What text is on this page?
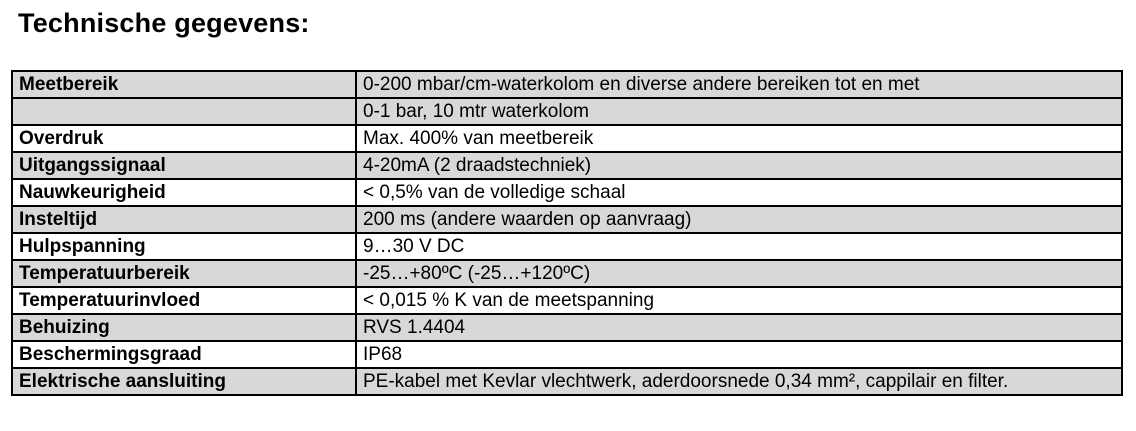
Technische gegevens:
Meetbereik	0-200 mbar/cm-waterkolom en diverse andere bereiken tot en met
	0-1 bar, 10 mtr waterkolom
Overdruk	Max. 400% van meetbereik
Uitgangssignaal	4-20mA (2 draadstechniek)
Nauwkeurigheid	< 0,5% van de volledige schaal
Insteltijd	200 ms (andere waarden op aanvraag)
Hulpspanning	9…30 V DC
Temperatuurbereik	-25…+80ºC (-25…+120ºC)
Temperatuurinvloed	< 0,015 % K van de meetspanning
Behuizing	RVS 1.4404
Beschermingsgraad	IP68
Elektrische aansluiting	PE-kabel met Kevlar vlechtwerk, aderdoorsnede 0,34 mm², cappilair en filter.
